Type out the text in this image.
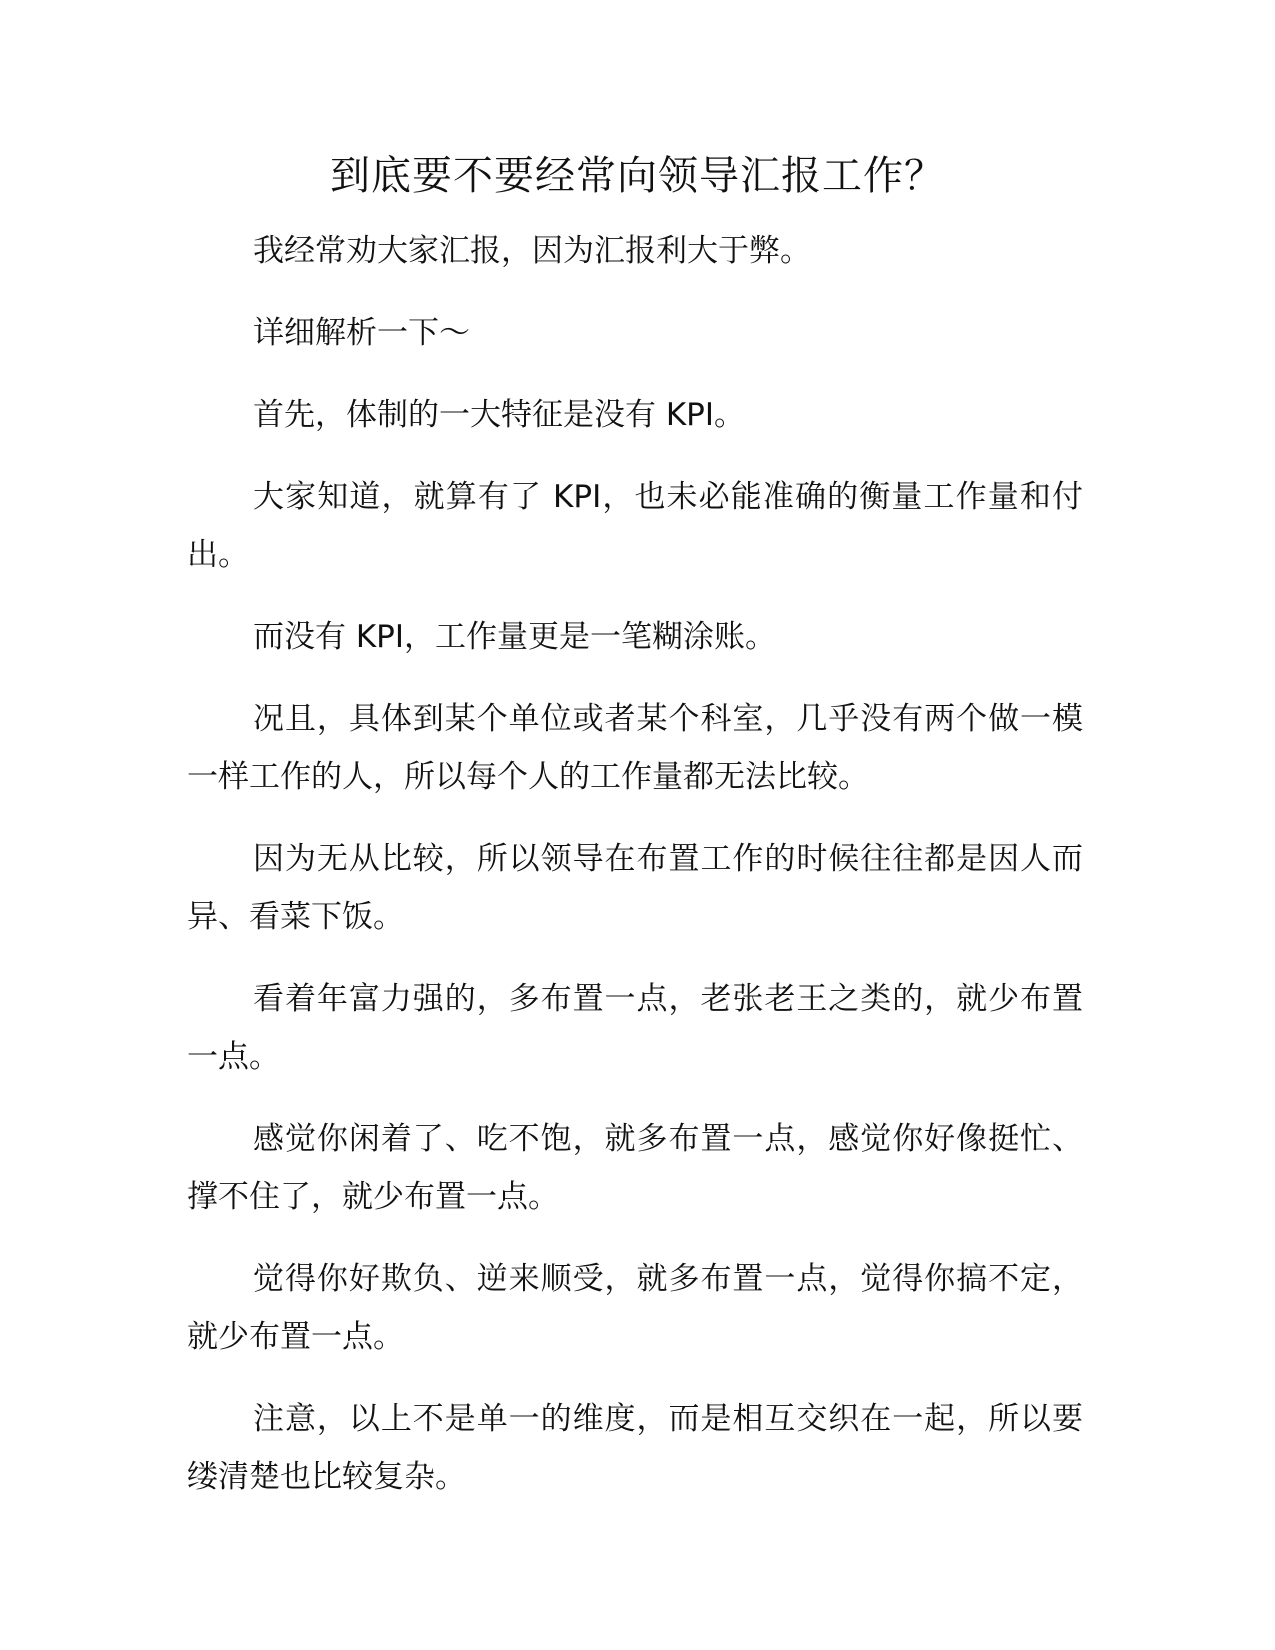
到底要不要经常向领导汇报工作？

我经常劝大家汇报，因为汇报利大于弊。

详细解析一下～

首先，体制的一大特征是没有 KPI。

大家知道，就算有了 KPI，也未必能准确的衡量工作量和付出。

而没有 KPI，工作量更是一笔糊涂账。

况且，具体到某个单位或者某个科室，几乎没有两个做一模一样工作的人，所以每个人的工作量都无法比较。

因为无从比较，所以领导在布置工作的时候往往都是因人而异、看菜下饭。

看着年富力强的，多布置一点，老张老王之类的，就少布置一点。

感觉你闲着了、吃不饱，就多布置一点，感觉你好像挺忙、撑不住了，就少布置一点。

觉得你好欺负、逆来顺受，就多布置一点，觉得你搞不定，就少布置一点。

注意，以上不是单一的维度，而是相互交织在一起，所以要缕清楚也比较复杂。
